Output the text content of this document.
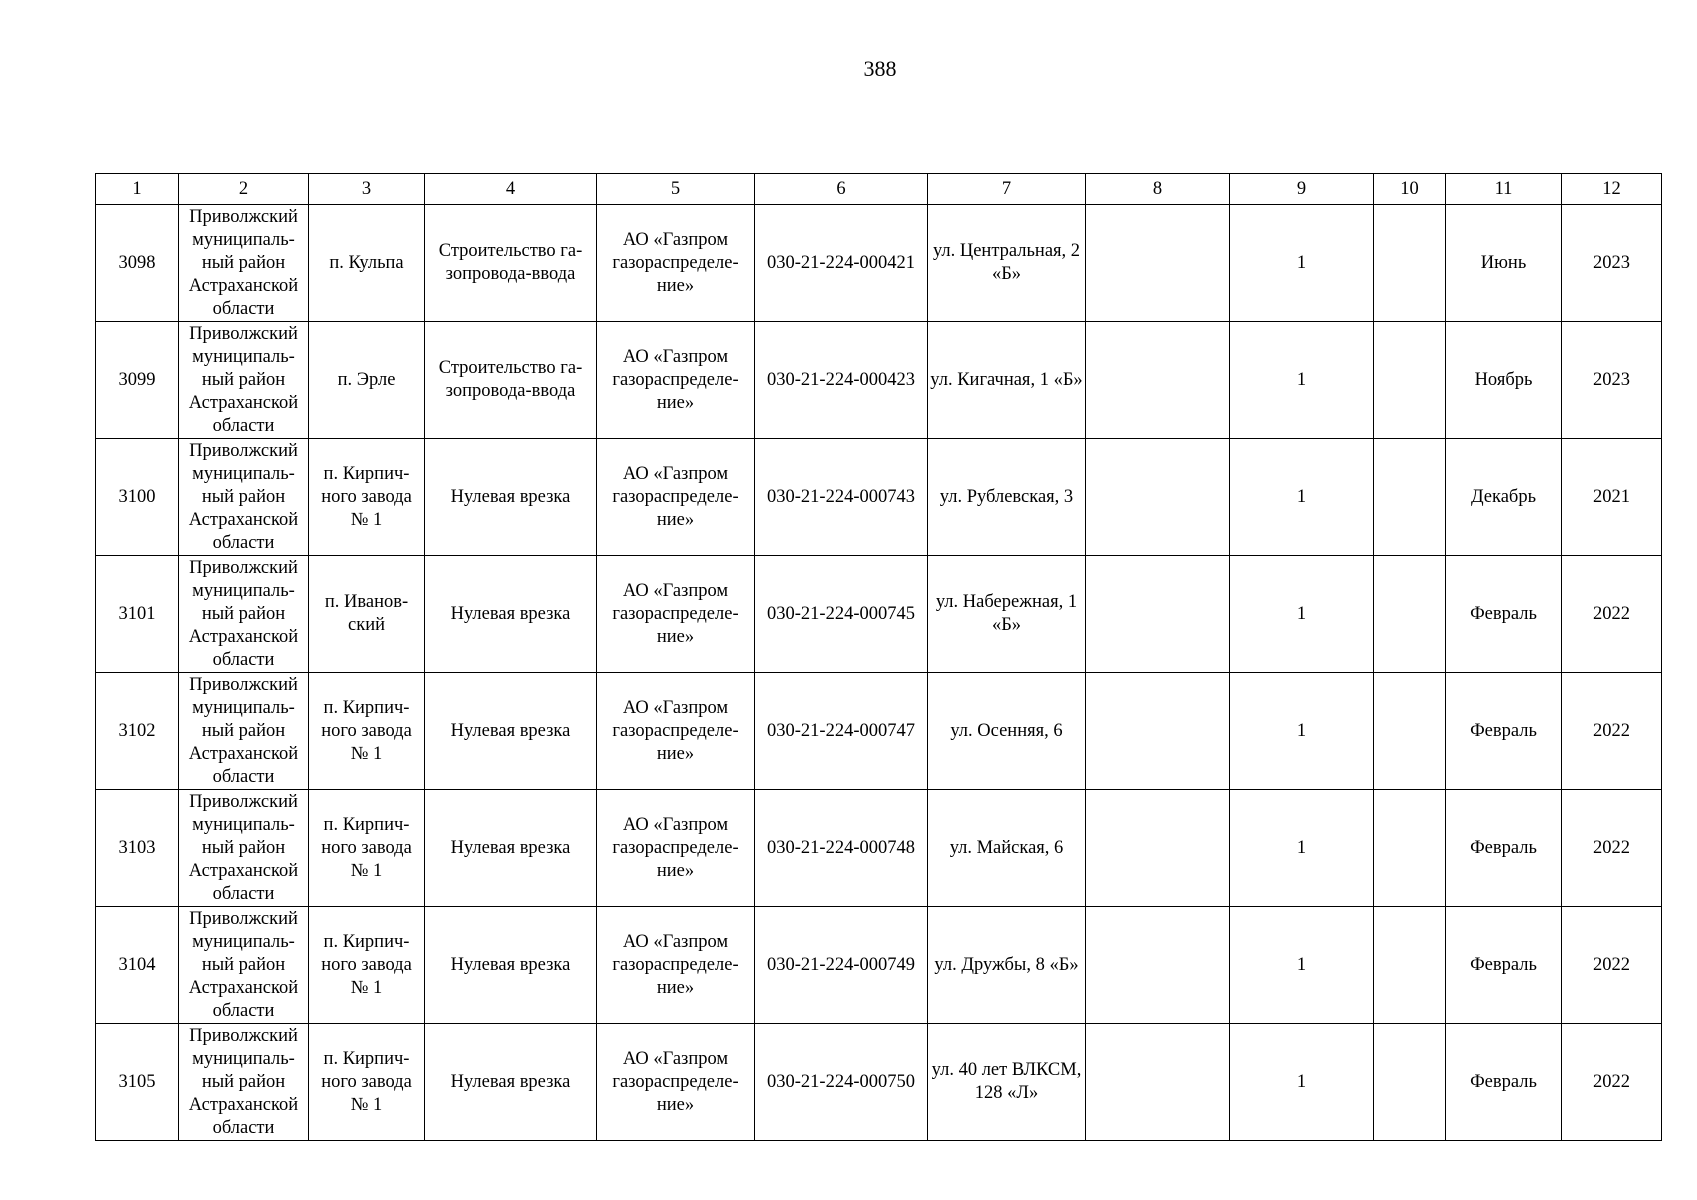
388
1	2	3	4	5	6	7	8	9	10	11	12
3098	Приволжский муниципаль-ный район Астраханской области	п. Кульпа	Строительство га-зопровода-ввода	АО «Газпром газораспределе-ние»	030-21-224-000421	ул. Центральная, 2 «Б»		1		Июнь	2023
3099	Приволжский муниципаль-ный район Астраханской области	п. Эрле	Строительство га-зопровода-ввода	АО «Газпром газораспределе-ние»	030-21-224-000423	ул. Кигачная, 1 «Б»		1		Ноябрь	2023
3100	Приволжский муниципаль-ный район Астраханской области	п. Кирпич-ного завода № 1	Нулевая врезка	АО «Газпром газораспределе-ние»	030-21-224-000743	ул. Рублевская, 3		1		Декабрь	2021
3101	Приволжский муниципаль-ный район Астраханской области	п. Иванов-ский	Нулевая врезка	АО «Газпром газораспределе-ние»	030-21-224-000745	ул. Набережная, 1 «Б»		1		Февраль	2022
3102	Приволжский муниципаль-ный район Астраханской области	п. Кирпич-ного завода № 1	Нулевая врезка	АО «Газпром газораспределе-ние»	030-21-224-000747	ул. Осенняя, 6		1		Февраль	2022
3103	Приволжский муниципаль-ный район Астраханской области	п. Кирпич-ного завода № 1	Нулевая врезка	АО «Газпром газораспределе-ние»	030-21-224-000748	ул. Майская, 6		1		Февраль	2022
3104	Приволжский муниципаль-ный район Астраханской области	п. Кирпич-ного завода № 1	Нулевая врезка	АО «Газпром газораспределе-ние»	030-21-224-000749	ул. Дружбы, 8 «Б»		1		Февраль	2022
3105	Приволжский муниципаль-ный район Астраханской области	п. Кирпич-ного завода № 1	Нулевая врезка	АО «Газпром газораспределе-ние»	030-21-224-000750	ул. 40 лет ВЛКСМ, 128 «Л»		1		Февраль	2022
